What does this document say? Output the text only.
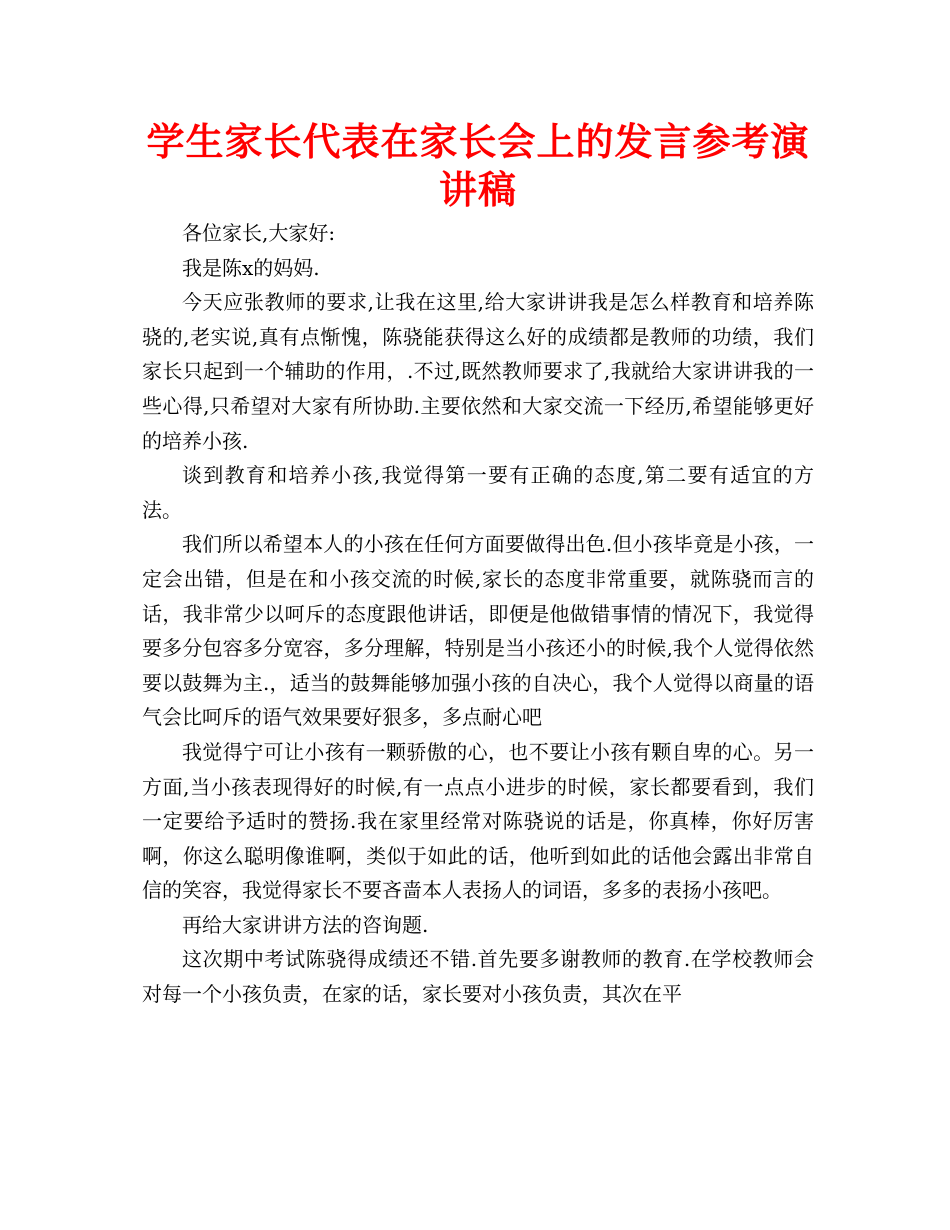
学生家长代表在家长会上的发言参考演讲稿

各位家长,大家好:

我是陈x的妈妈.

今天应张教师的要求,让我在这里,给大家讲讲我是怎么样教育和培养陈骁的,老实说,真有点惭愧，陈骁能获得这么好的成绩都是教师的功绩，我们家长只起到一个辅助的作用，.不过,既然教师要求了,我就给大家讲讲我的一些心得,只希望对大家有所协助.主要依然和大家交流一下经历,希望能够更好的培养小孩.

谈到教育和培养小孩,我觉得第一要有正确的态度,第二要有适宜的方法。

我们所以希望本人的小孩在任何方面要做得出色.但小孩毕竟是小孩，一定会出错，但是在和小孩交流的时候,家长的态度非常重要，就陈骁而言的话，我非常少以呵斥的态度跟他讲话，即便是他做错事情的情况下，我觉得要多分包容多分宽容，多分理解，特别是当小孩还小的时候,我个人觉得依然要以鼓舞为主.，适当的鼓舞能够加强小孩的自决心，我个人觉得以商量的语气会比呵斥的语气效果要好狠多，多点耐心吧

我觉得宁可让小孩有一颗骄傲的心，也不要让小孩有颗自卑的心。另一方面,当小孩表现得好的时候,有一点点小进步的时候，家长都要看到，我们一定要给予适时的赞扬.我在家里经常对陈骁说的话是，你真棒，你好厉害啊，你这么聪明像谁啊，类似于如此的话，他听到如此的话他会露出非常自信的笑容，我觉得家长不要吝啬本人表扬人的词语，多多的表扬小孩吧。

再给大家讲讲方法的咨询题.

这次期中考试陈骁得成绩还不错.首先要多谢教师的教育.在学校教师会对每一个小孩负责，在家的话，家长要对小孩负责，其次在平
